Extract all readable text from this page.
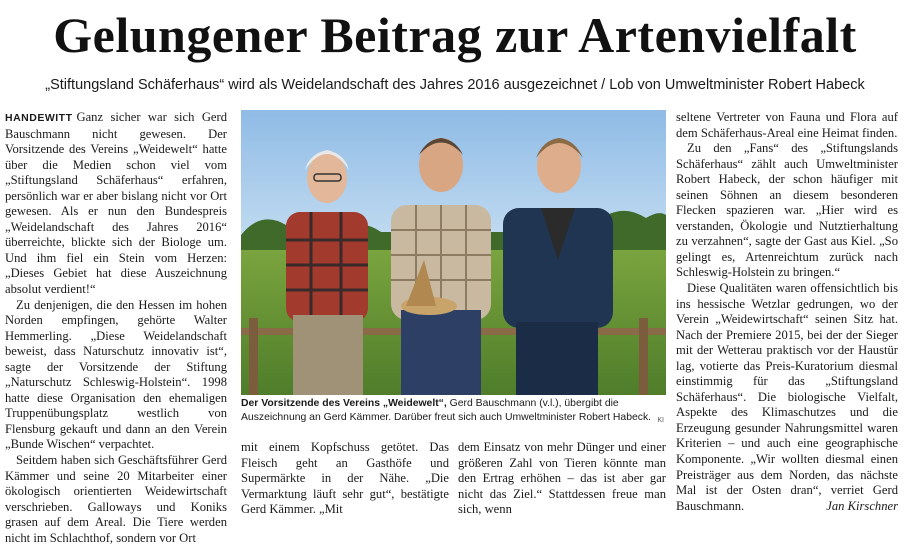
Gelungener Beitrag zur Artenvielfalt
„Stiftungsland Schäferhaus“ wird als Weidelandschaft des Jahres 2016 ausgezeichnet / Lob von Umweltminister Robert Habeck

HANDEWITT Ganz sicher war sich Gerd Bauschmann nicht gewesen. Der Vorsitzende des Vereins „Weidewelt“ hatte über die Medien schon viel vom „Stiftungsland Schäferhaus“ erfahren, persönlich war er aber bislang nicht vor Ort gewesen. Als er nun den Bundespreis „Weidelandschaft des Jahres 2016“ überreichte, blickte sich der Biologe um. Und ihm fiel ein Stein vom Herzen: „Dieses Gebiet hat diese Auszeichnung absolut verdient!“

Zu denjenigen, die den Hessen im hohen Norden empfingen, gehörte Walter Hemmerling. „Diese Weidelandschaft beweist, dass Naturschutz innovativ ist“, sagte der Vorsitzende der Stiftung „Naturschutz Schleswig-Holstein“. 1998 hatte diese Organisation den ehemaligen Truppenübungsplatz westlich von Flensburg gekauft und dann an den Verein „Bunde Wischen“ verpachtet.

Seitdem haben sich Geschäftsführer Gerd Kämmer und seine 20 Mitarbeiter einer ökologisch orientierten Weidewirtschaft verschrieben. Galloways und Koniks grasen auf dem Areal. Die Tiere werden nicht im Schlachthof, sondern vor Ort

Der Vorsitzende des Vereins „Weidewelt“, Gerd Bauschmann (v.l.), übergibt die Auszeichnung an Gerd Kämmer. Darüber freut sich auch Umweltminister Robert Habeck. KI

mit einem Kopfschuss getötet. Das Fleisch geht an Gasthöfe und Supermärkte in der Nähe. „Die Vermarktung läuft sehr gut“, bestätigte Gerd Kämmer. „Mit

dem Einsatz von mehr Dünger und einer größeren Zahl von Tieren könnte man den Ertrag erhöhen – das ist aber gar nicht das Ziel.“ Stattdessen freue man sich, wenn

seltene Vertreter von Fauna und Flora auf dem Schäferhaus-Areal eine Heimat finden.

Zu den „Fans“ des „Stiftungslands Schäferhaus“ zählt auch Umweltminister Robert Habeck, der schon häufiger mit seinen Söhnen an diesem besonderen Flecken spazieren war. „Hier wird es verstanden, Ökologie und Nutztierhaltung zu verzahnen“, sagte der Gast aus Kiel. „So gelingt es, Artenreichtum zurück nach Schleswig-Holstein zu bringen.“

Diese Qualitäten waren offensichtlich bis ins hessische Wetzlar gedrungen, wo der Verein „Weidewirtschaft“ seinen Sitz hat. Nach der Premiere 2015, bei der der Sieger mit der Wetterau praktisch vor der Haustür lag, votierte das Preis-Kuratorium diesmal einstimmig für das „Stiftungsland Schäferhaus“. Die biologische Vielfalt, Aspekte des Klimaschutzes und die Erzeugung gesunder Nahrungsmittel waren Kriterien – und auch eine geographische Komponente. „Wir wollten diesmal einen Preisträger aus dem Norden, das nächste Mal ist der Osten dran“, verriet Gerd Bauschmann.	Jan Kirschner
